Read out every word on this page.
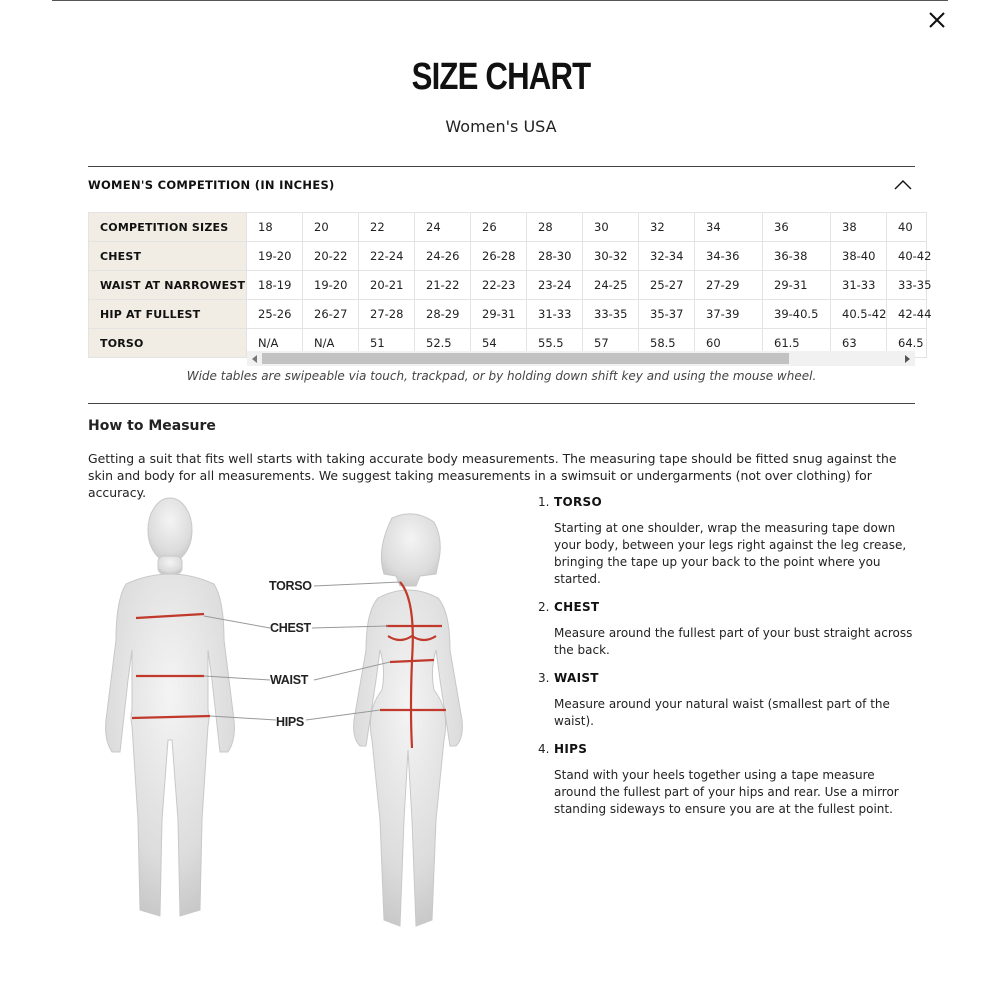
SIZE CHART
Women's USA
WOMEN'S COMPETITION (IN INCHES)
COMPETITION SIZES	18	20	22	24	26	28	30	32	34	36	38	40
CHEST	19-20	20-22	22-24	24-26	26-28	28-30	30-32	32-34	34-36	36-38	38-40	40-42
WAIST AT NARROWEST	18-19	19-20	20-21	21-22	22-23	23-24	24-25	25-27	27-29	29-31	31-33	33-35
HIP AT FULLEST	25-26	26-27	27-28	28-29	29-31	31-33	33-35	35-37	37-39	39-40.5	40.5-42	42-44
TORSO	N/A	N/A	51	52.5	54	55.5	57	58.5	60	61.5	63	64.5
Wide tables are swipeable via touch, trackpad, or by holding down shift key and using the mouse wheel.
How to Measure

Getting a suit that fits well starts with taking accurate body measurements. The measuring tape should be fitted snug against the skin and body for all measurements. We suggest taking measurements in a swimsuit or undergarments (not over clothing) for accuracy.

TORSO
CHEST
WAIST
HIPS
1. TORSO

Starting at one shoulder, wrap the measuring tape down your body, between your legs right against the leg crease, bringing the tape up your back to the point where you started.

2. CHEST

Measure around the fullest part of your bust straight across the back.

3. WAIST

Measure around your natural waist (smallest part of the waist).

4. HIPS

Stand with your heels together using a tape measure around the fullest part of your hips and rear. Use a mirror standing sideways to ensure you are at the fullest point.
